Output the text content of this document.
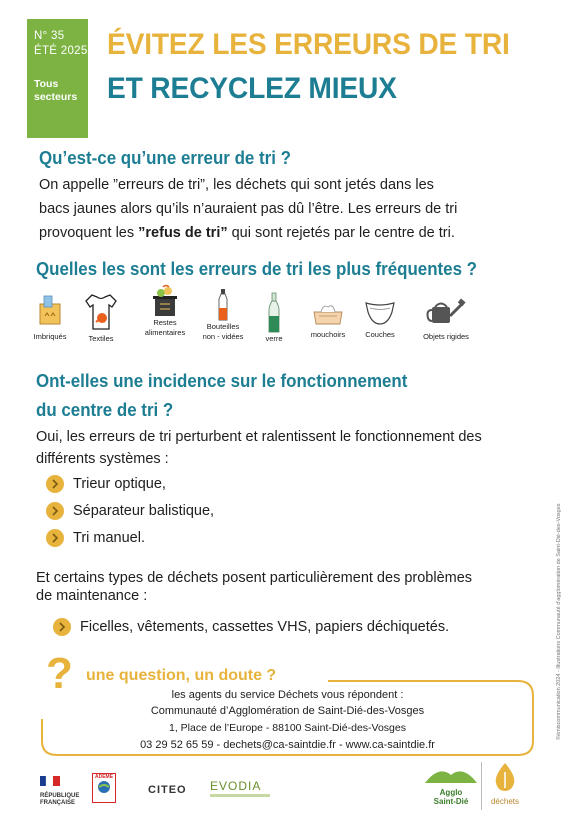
N° 35
ÉTÉ 2025
Tous
secteurs
ÉVITEZ LES ERREURS DE TRI
ET RECYCLEZ MIEUX
Qu’est-ce qu’une erreur de tri ?
On appelle ”erreurs de tri”, les déchets qui sont jetés dans les
bacs jaunes alors qu’ils n’auraient pas dû l’être. Les erreurs de tri
provoquent les ”refus de tri” qui sont rejetés par le centre de tri.
Quelles les sont les erreurs de tri les plus fréquentes ?
Imbriqués	Textiles
Restes
alimentaires
Bouteilles
non - vidées	verre	mouchoirs	Couches	Objets rigides
Ont-elles une incidence sur le fonctionnement
du centre de tri ?
Oui, les erreurs de tri perturbent et ralentissent le fonctionnement des
différents systèmes :
Trieur optique,
Séparateur balistique,
Tri manuel.
Et certains types de déchets posent particulièrement des problèmes
de maintenance :
Ficelles, vêtements, cassettes VHS, papiers déchiquetés.
? une question, un doute ?
les agents du service Déchets vous répondent :
Communauté d’Agglomération de Saint-Dié-des-Vosges
1, Place de l’Europe - 88100 Saint-Dié-des-Vosges
03 29 52 65 59 - dechets@ca-saintdie.fr - www.ca-saintdie.fr
©émiscommunication 2024 - Illustrations Communauté d'agglomération de Saint-Dié-des-Vosges
RÉPUBLIQUE
FRANÇAISE
ADEME
CITEO EVODIA	Agglo
Saint-Dié	déchets
